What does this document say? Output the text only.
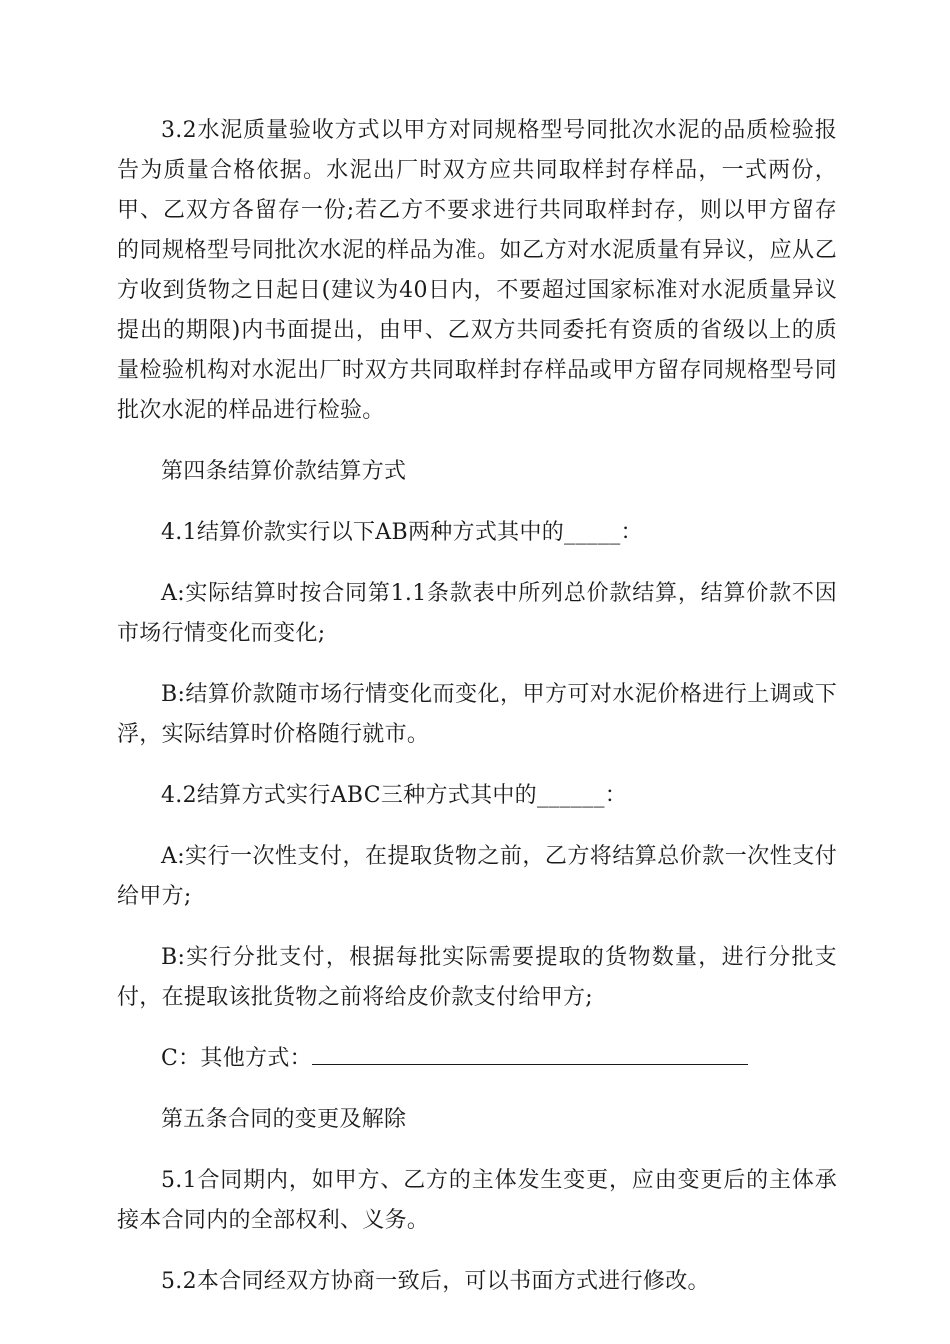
3.2水泥质量验收方式以甲方对同规格型号同批次水泥的品质检验报告为质量合格依据。水泥出厂时双方应共同取样封存样品，一式两份，甲、乙双方各留存一份;若乙方不要求进行共同取样封存，则以甲方留存的同规格型号同批次水泥的样品为准。如乙方对水泥质量有异议，应从乙方收到货物之日起日(建议为40日内，不要超过国家标准对水泥质量异议提出的期限)内书面提出，由甲、乙双方共同委托有资质的省级以上的质量检验机构对水泥出厂时双方共同取样封存样品或甲方留存同规格型号同批次水泥的样品进行检验。

第四条结算价款结算方式

4.1结算价款实行以下AB两种方式其中的_____：

A:实际结算时按合同第1.1条款表中所列总价款结算，结算价款不因市场行情变化而变化;

B:结算价款随市场行情变化而变化，甲方可对水泥价格进行上调或下浮，实际结算时价格随行就市。

4.2结算方式实行ABC三种方式其中的______：

A:实行一次性支付，在提取货物之前，乙方将结算总价款一次性支付给甲方;

B:实行分批支付，根据每批实际需要提取的货物数量，进行分批支付，在提取该批货物之前将给皮价款支付给甲方;

C：其他方式：

第五条合同的变更及解除

5.1合同期内，如甲方、乙方的主体发生变更，应由变更后的主体承接本合同内的全部权利、义务。

5.2本合同经双方协商一致后，可以书面方式进行修改。
